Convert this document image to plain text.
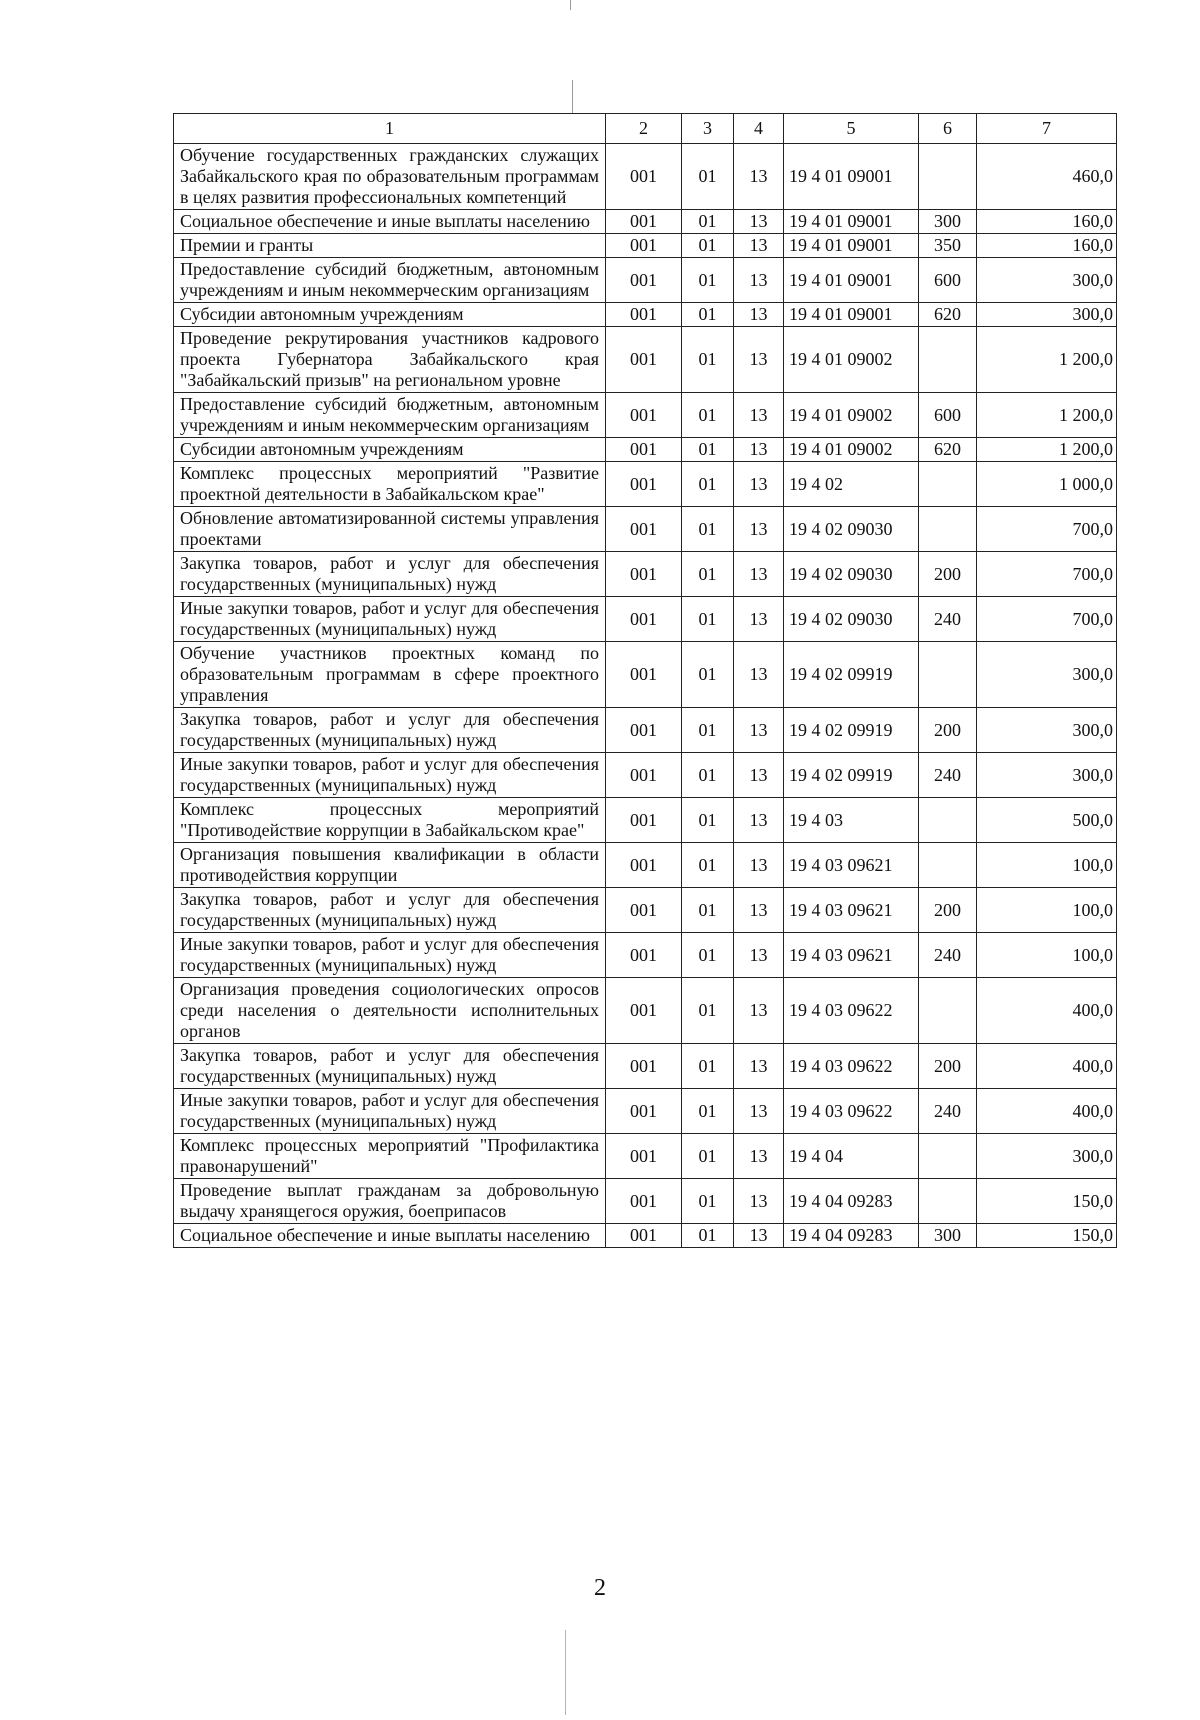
1	2	3	4	5	6	7
Обучение государственных гражданских служащих Забайкальского края по образовательным программам в целях развития профессиональных компетенций	001	01	13	19 4 01 09001		460,0
Социальное обеспечение и иные выплаты населению	001	01	13	19 4 01 09001	300	160,0
Премии и гранты	001	01	13	19 4 01 09001	350	160,0
Предоставление субсидий бюджетным, автономным учреждениям и иным некоммерческим организациям	001	01	13	19 4 01 09001	600	300,0
Субсидии автономным учреждениям	001	01	13	19 4 01 09001	620	300,0
Проведение рекрутирования участников кадрового проекта Губернатора Забайкальского края "Забайкальский призыв" на региональном уровне	001	01	13	19 4 01 09002		1 200,0
Предоставление субсидий бюджетным, автономным учреждениям и иным некоммерческим организациям	001	01	13	19 4 01 09002	600	1 200,0
Субсидии автономным учреждениям	001	01	13	19 4 01 09002	620	1 200,0
Комплекс процессных мероприятий "Развитие проектной деятельности в Забайкальском крае"	001	01	13	19 4 02		1 000,0
Обновление автоматизированной системы управления проектами	001	01	13	19 4 02 09030		700,0
Закупка товаров, работ и услуг для обеспечения государственных (муниципальных) нужд	001	01	13	19 4 02 09030	200	700,0
Иные закупки товаров, работ и услуг для обеспечения государственных (муниципальных) нужд	001	01	13	19 4 02 09030	240	700,0
Обучение участников проектных команд по образовательным программам в сфере проектного управления	001	01	13	19 4 02 09919		300,0
Закупка товаров, работ и услуг для обеспечения государственных (муниципальных) нужд	001	01	13	19 4 02 09919	200	300,0
Иные закупки товаров, работ и услуг для обеспечения государственных (муниципальных) нужд	001	01	13	19 4 02 09919	240	300,0
Комплекс процессных мероприятий "Противодействие коррупции в Забайкальском крае"	001	01	13	19 4 03		500,0
Организация повышения квалификации в области противодействия коррупции	001	01	13	19 4 03 09621		100,0
Закупка товаров, работ и услуг для обеспечения государственных (муниципальных) нужд	001	01	13	19 4 03 09621	200	100,0
Иные закупки товаров, работ и услуг для обеспечения государственных (муниципальных) нужд	001	01	13	19 4 03 09621	240	100,0
Организация проведения социологических опросов среди населения о деятельности исполнительных органов	001	01	13	19 4 03 09622		400,0
Закупка товаров, работ и услуг для обеспечения государственных (муниципальных) нужд	001	01	13	19 4 03 09622	200	400,0
Иные закупки товаров, работ и услуг для обеспечения государственных (муниципальных) нужд	001	01	13	19 4 03 09622	240	400,0
Комплекс процессных мероприятий "Профилактика правонарушений"	001	01	13	19 4 04		300,0
Проведение выплат гражданам за добровольную выдачу хранящегося оружия, боеприпасов	001	01	13	19 4 04 09283		150,0
Социальное обеспечение и иные выплаты населению	001	01	13	19 4 04 09283	300	150,0
2
